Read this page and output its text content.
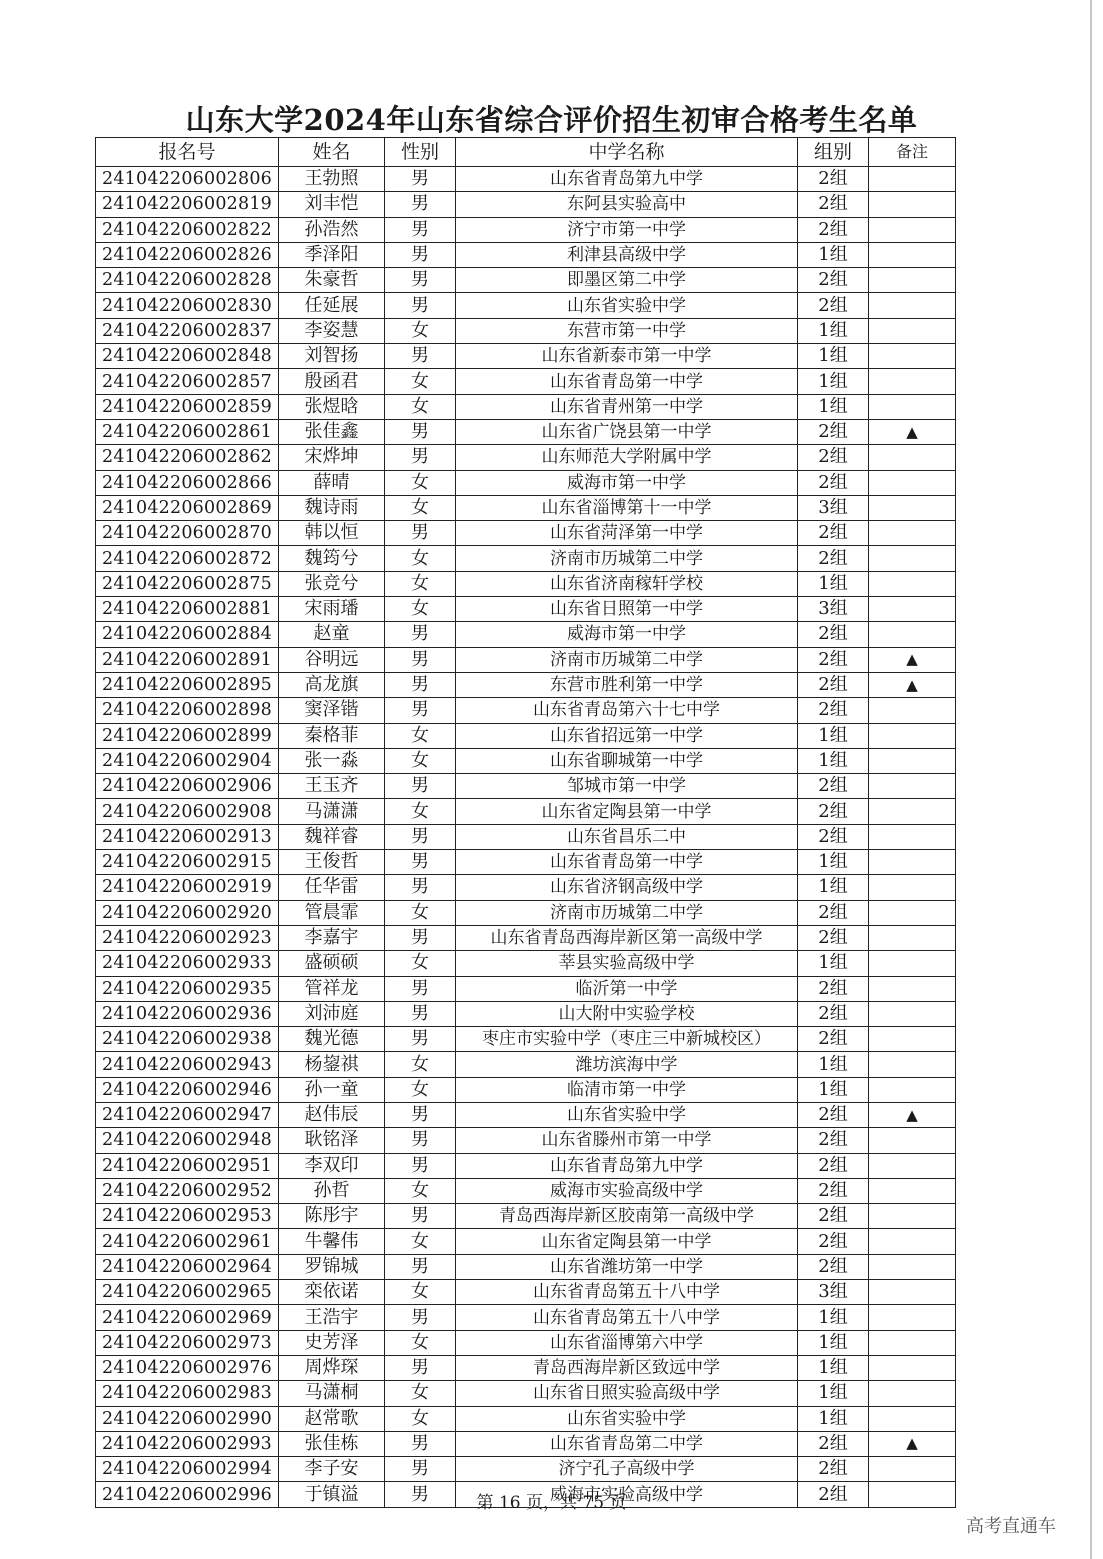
山东大学2024年山东省综合评价招生初审合格考生名单
报名号	姓名	性别	中学名称	组别	备注
241042206002806	王勃照	男	山东省青岛第九中学	2组	
241042206002819	刘丰恺	男	东阿县实验高中	2组	
241042206002822	孙浩然	男	济宁市第一中学	2组	
241042206002826	季泽阳	男	利津县高级中学	1组	
241042206002828	朱豪哲	男	即墨区第二中学	2组	
241042206002830	任延展	男	山东省实验中学	2组	
241042206002837	李姿慧	女	东营市第一中学	1组	
241042206002848	刘智扬	男	山东省新泰市第一中学	1组	
241042206002857	殷函君	女	山东省青岛第一中学	1组	
241042206002859	张煜晗	女	山东省青州第一中学	1组	
241042206002861	张佳鑫	男	山东省广饶县第一中学	2组	▲
241042206002862	宋烨坤	男	山东师范大学附属中学	2组	
241042206002866	薛晴	女	威海市第一中学	2组	
241042206002869	魏诗雨	女	山东省淄博第十一中学	3组	
241042206002870	韩以恒	男	山东省菏泽第一中学	2组	
241042206002872	魏筠兮	女	济南市历城第二中学	2组	
241042206002875	张竞兮	女	山东省济南稼轩学校	1组	
241042206002881	宋雨璠	女	山东省日照第一中学	3组	
241042206002884	赵童	男	威海市第一中学	2组	
241042206002891	谷明远	男	济南市历城第二中学	2组	▲
241042206002895	高龙旗	男	东营市胜利第一中学	2组	▲
241042206002898	窦泽锴	男	山东省青岛第六十七中学	2组	
241042206002899	秦格菲	女	山东省招远第一中学	1组	
241042206002904	张一淼	女	山东省聊城第一中学	1组	
241042206002906	王玉齐	男	邹城市第一中学	2组	
241042206002908	马潇潇	女	山东省定陶县第一中学	2组	
241042206002913	魏祥睿	男	山东省昌乐二中	2组	
241042206002915	王俊哲	男	山东省青岛第一中学	1组	
241042206002919	任华雷	男	山东省济钢高级中学	1组	
241042206002920	管晨霏	女	济南市历城第二中学	2组	
241042206002923	李嘉宇	男	山东省青岛西海岸新区第一高级中学	2组	
241042206002933	盛硕硕	女	莘县实验高级中学	1组	
241042206002935	管祥龙	男	临沂第一中学	2组	
241042206002936	刘沛庭	男	山大附中实验学校	2组	
241042206002938	魏光德	男	枣庄市实验中学（枣庄三中新城校区）	2组	
241042206002943	杨鋆祺	女	潍坊滨海中学	1组	
241042206002946	孙一童	女	临清市第一中学	1组	
241042206002947	赵伟辰	男	山东省实验中学	2组	▲
241042206002948	耿铭泽	男	山东省滕州市第一中学	2组	
241042206002951	李双印	男	山东省青岛第九中学	2组	
241042206002952	孙哲	女	威海市实验高级中学	2组	
241042206002953	陈彤宇	男	青岛西海岸新区胶南第一高级中学	2组	
241042206002961	牛馨伟	女	山东省定陶县第一中学	2组	
241042206002964	罗锦城	男	山东省潍坊第一中学	2组	
241042206002965	栾依诺	女	山东省青岛第五十八中学	3组	
241042206002969	王浩宇	男	山东省青岛第五十八中学	1组	
241042206002973	史芳泽	女	山东省淄博第六中学	1组	
241042206002976	周烨琛	男	青岛西海岸新区致远中学	1组	
241042206002983	马潇桐	女	山东省日照实验高级中学	1组	
241042206002990	赵常歌	女	山东省实验中学	1组	
241042206002993	张佳栋	男	山东省青岛第二中学	2组	▲
241042206002994	李子安	男	济宁孔子高级中学	2组	
241042206002996	于镇溢	男	威海市实验高级中学	2组	
第 16 页，共 75 页
高考直通车
